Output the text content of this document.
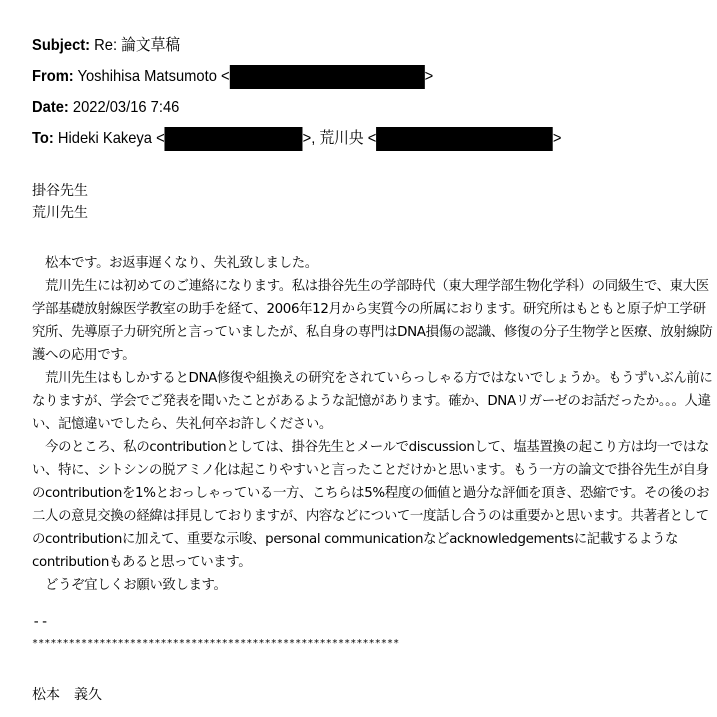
Subject: Re: 論文草稿
From: Yoshihisa Matsumoto <	>
Date: 2022/03/16 7:46
To: Hideki Kakeya <	>, 荒川央 <	>
掛谷先生
荒川先生

　松本です。お返事遅くなり、失礼致しました。

　荒川先生には初めてのご連絡になります。私は掛谷先生の学部時代（東大理学部生物化学科）の同級生で、東大医学部基礎放射線医学教室の助手を経て、2006年12月から実質今の所属におります。研究所はもともと原子炉工学研究所、先導原子力研究所と言っていましたが、私自身の専門はDNA損傷の認識、修復の分子生物学と医療、放射線防護への応用です。

　荒川先生はもしかするとDNA修復や組換えの研究をされていらっしゃる方ではないでしょうか。もうずいぶん前になりますが、学会でご発表を聞いたことがあるような記憶があります。確か、DNAリガーゼのお話だったか。。。人違い、記憶違いでしたら、失礼何卒お許しください。

　今のところ、私のcontributionとしては、掛谷先生とメールでdiscussionして、塩基置換の起こり方は均一ではない、特に、シトシンの脱アミノ化は起こりやすいと言ったことだけかと思います。もう一方の論文で掛谷先生が自身のcontributionを1%とおっしゃっている一方、こちらは5%程度の価値と過分な評価を頂き、恐縮です。その後のお二人の意見交換の経緯は拝見しておりますが、内容などについて一度話し合うのは重要かと思います。共著者としてのcontributionに加えて、重要な示唆、personal communicationなどacknowledgementsに記載するようなcontributionもあると思っています。

　どうぞ宜しくお願い致します。

--
************************************************************
松本　義久
